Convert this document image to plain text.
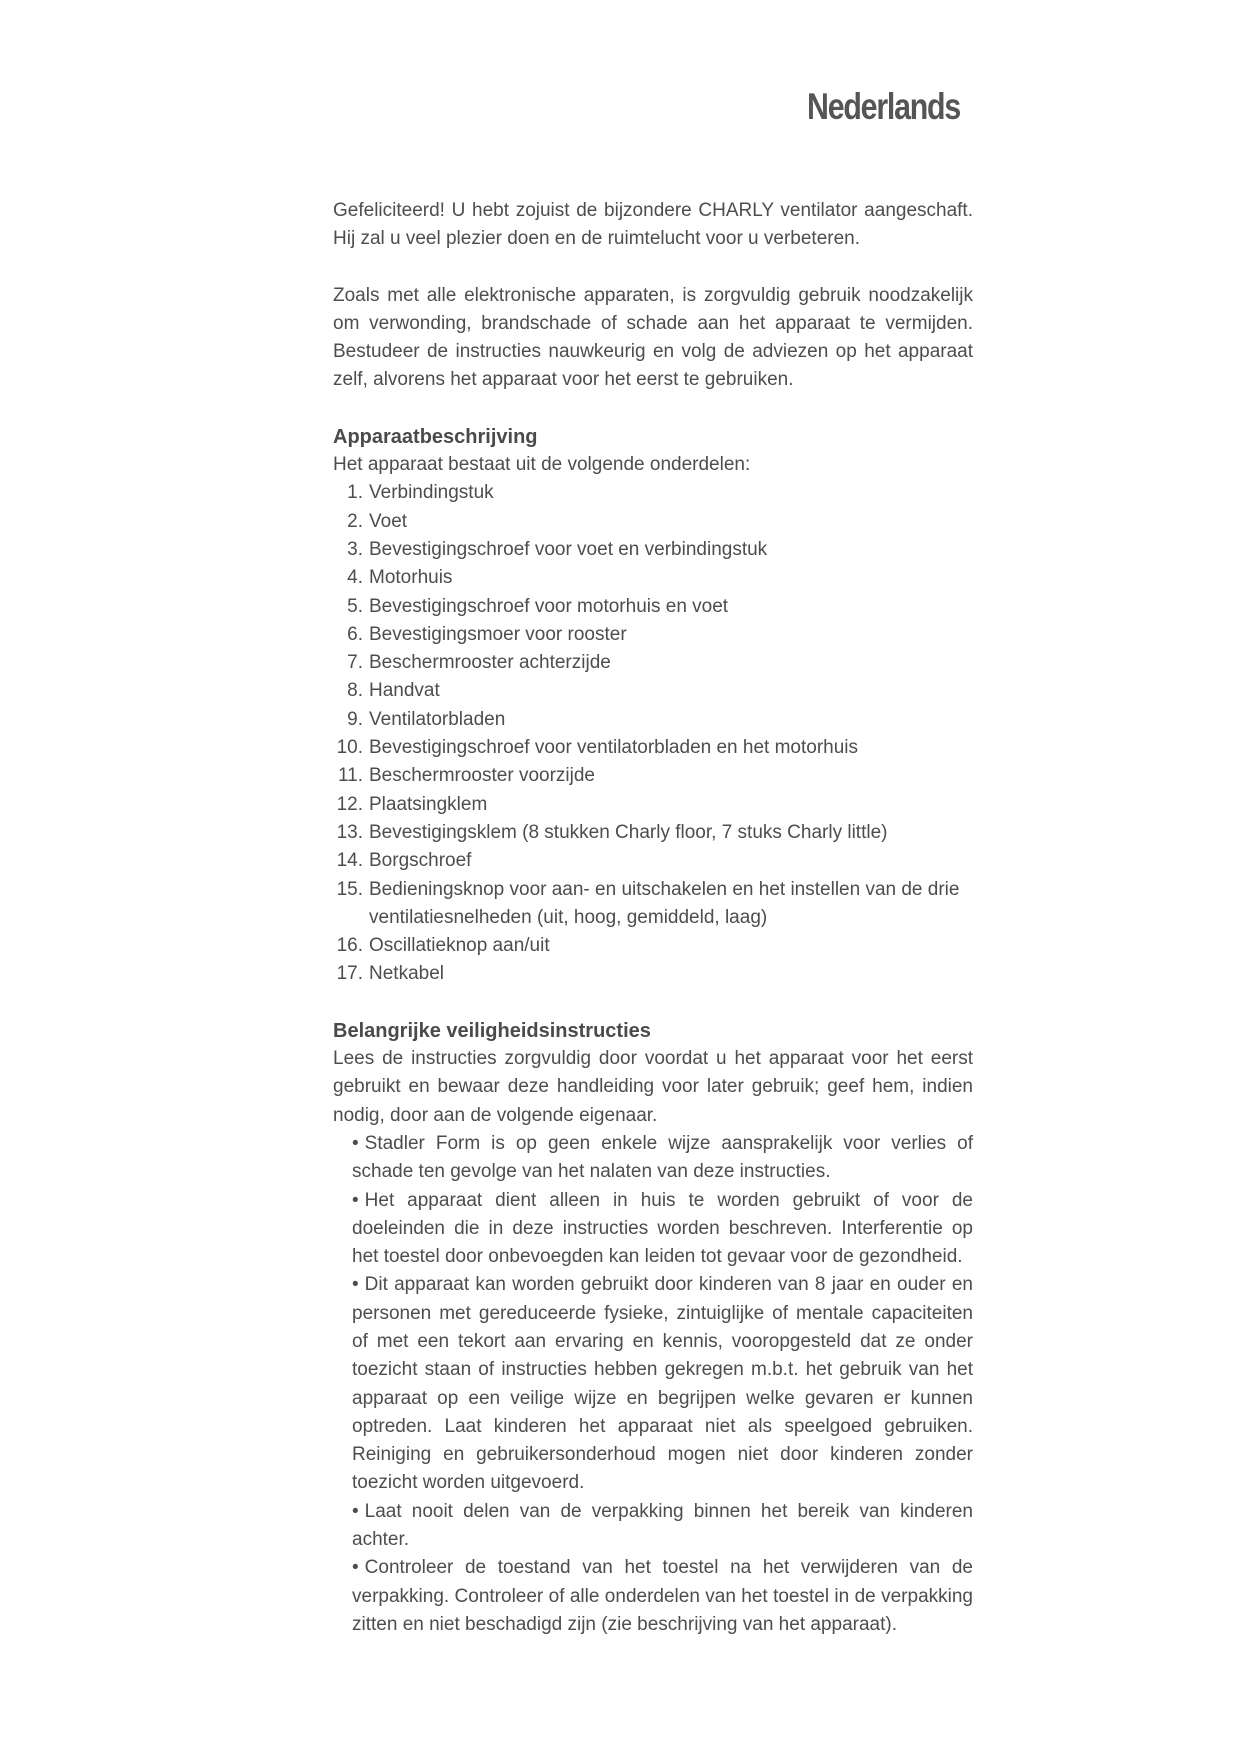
Nederlands

Gefeliciteerd! U hebt zojuist de bijzondere CHARLY ventilator aangeschaft. Hij zal u veel plezier doen en de ruimtelucht voor u verbeteren.

Zoals met alle elektronische apparaten, is zorgvuldig gebruik noodzakelijk om verwonding, brandschade of schade aan het apparaat te vermijden. Bestudeer de instructies nauwkeurig en volg de adviezen op het apparaat zelf, alvorens het apparaat voor het eerst te gebruiken.

Apparaatbeschrijving

Het apparaat bestaat uit de volgende onderdelen:

1. Verbindingstuk
2. Voet
3. Bevestigingschroef voor voet en verbindingstuk
4. Motorhuis
5. Bevestigingschroef voor motorhuis en voet
6. Bevestigingsmoer voor rooster
7. Beschermrooster achterzijde
8. Handvat
9. Ventilatorbladen
10. Bevestigingschroef voor ventilatorbladen en het motorhuis
11. Beschermrooster voorzijde
12. Plaatsingklem
13. Bevestigingsklem (8 stukken Charly floor, 7 stuks Charly little)
14. Borgschroef
15. Bedieningsknop voor aan- en uitschakelen en het instellen van de drie ventilatiesnelheden (uit, hoog, gemiddeld, laag)
16. Oscillatieknop aan/uit
17. Netkabel
Belangrijke veiligheidsinstructies

Lees de instructies zorgvuldig door voordat u het apparaat voor het eerst gebruikt en bewaar deze handleiding voor later gebruik; geef hem, indien nodig, door aan de volgende eigenaar.

• Stadler Form is op geen enkele wijze aansprakelijk voor verlies of schade ten gevolge van het nalaten van deze instructies.
• Het apparaat dient alleen in huis te worden gebruikt of voor de doeleinden die in deze instructies worden beschreven. Interferentie op het toestel door onbevoegden kan leiden tot gevaar voor de gezondheid.
• Dit apparaat kan worden gebruikt door kinderen van 8 jaar en ouder en personen met gereduceerde fysieke, zintuiglijke of mentale capaciteiten of met een tekort aan ervaring en kennis, vooropgesteld dat ze onder toezicht staan of instructies hebben gekregen m.b.t. het gebruik van het apparaat op een veilige wijze en begrijpen welke gevaren er kunnen optreden. Laat kinderen het apparaat niet als speelgoed gebruiken. Reiniging en gebruikersonderhoud mogen niet door kinderen zonder toezicht worden uitgevoerd.
• Laat nooit delen van de verpakking binnen het bereik van kinderen achter.
• Controleer de toestand van het toestel na het verwijderen van de verpakking. Controleer of alle onderdelen van het toestel in de verpakking zitten en niet beschadigd zijn (zie beschrijving van het apparaat).
